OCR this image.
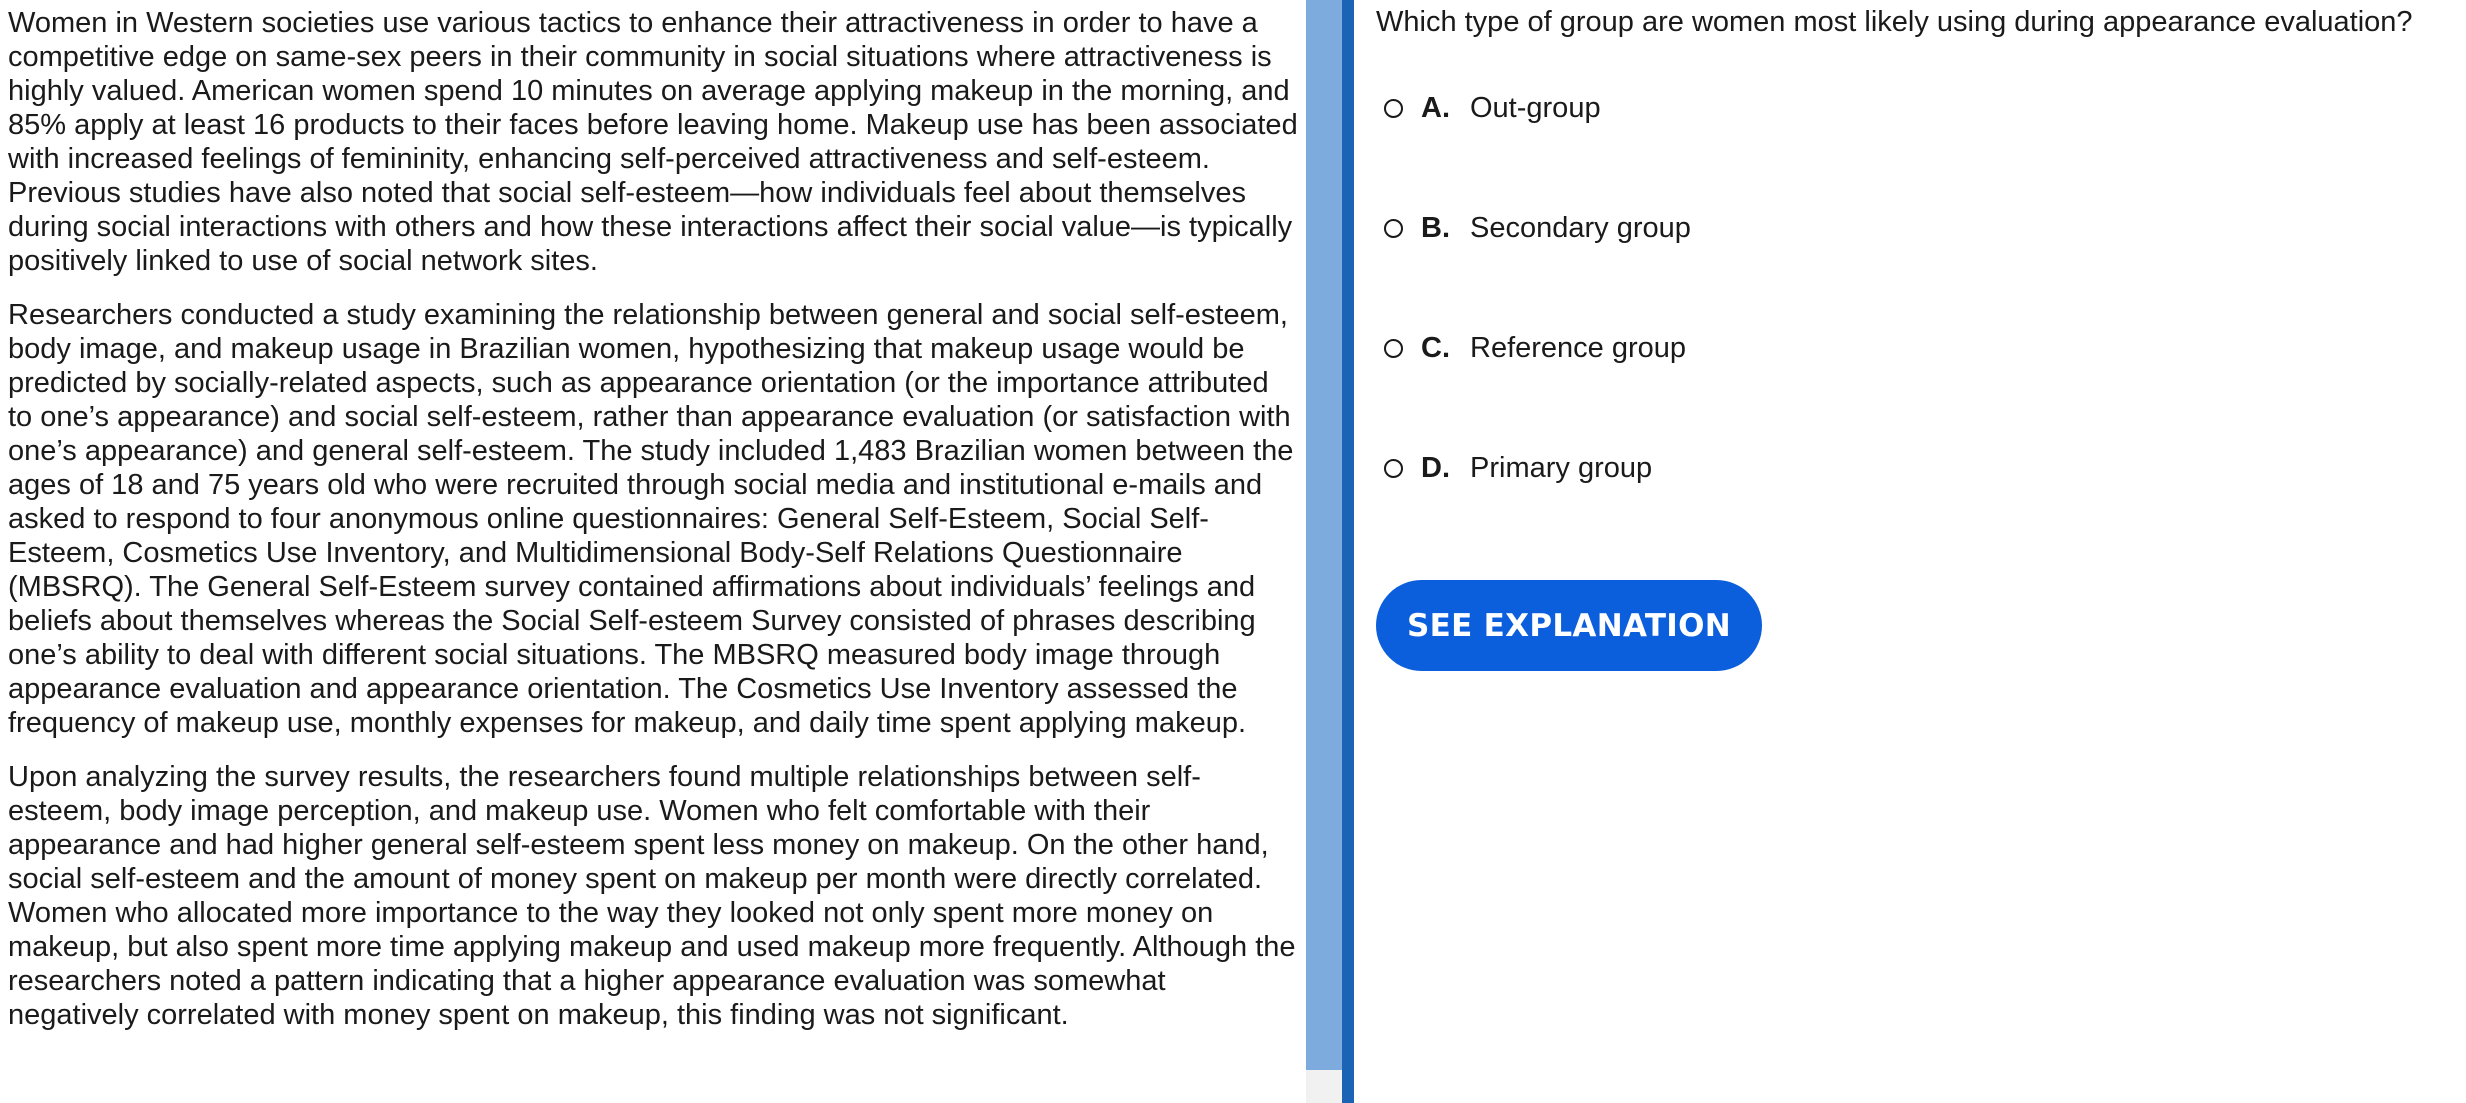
Women in Western societies use various tactics to enhance their attractiveness in order to have a competitive edge on same-sex peers in their community in social situations where attractiveness is highly valued. American women spend 10 minutes on average applying makeup in the morning, and 85% apply at least 16 products to their faces before leaving home. Makeup use has been associated with increased feelings of femininity, enhancing self-perceived attractiveness and self-esteem. Previous studies have also noted that social self-esteem—how individuals feel about themselves during social interactions with others and how these interactions affect their social value—is typically positively linked to use of social network sites.

Researchers conducted a study examining the relationship between general and social self-esteem, body image, and makeup usage in Brazilian women, hypothesizing that makeup usage would be predicted by socially-related aspects, such as appearance orientation (or the importance attributed to one’s appearance) and social self-esteem, rather than appearance evaluation (or satisfaction with one’s appearance) and general self-esteem. The study included 1,483 Brazilian women between the ages of 18 and 75 years old who were recruited through social media and institutional e-mails and asked to respond to four anonymous online questionnaires: General Self-Esteem, Social Self-Esteem, Cosmetics Use Inventory, and Multidimensional Body-Self Relations Questionnaire (MBSRQ). The General Self-Esteem survey contained affirmations about individuals’ feelings and beliefs about themselves whereas the Social Self-esteem Survey consisted of phrases describing one’s ability to deal with different social situations. The MBSRQ measured body image through appearance evaluation and appearance orientation. The Cosmetics Use Inventory assessed the frequency of makeup use, monthly expenses for makeup, and daily time spent applying makeup.

Upon analyzing the survey results, the researchers found multiple relationships between self-esteem, body image perception, and makeup use. Women who felt comfortable with their appearance and had higher general self-esteem spent less money on makeup. On the other hand, social self-esteem and the amount of money spent on makeup per month were directly correlated. Women who allocated more importance to the way they looked not only spent more money on makeup, but also spent more time applying makeup and used makeup more frequently. Although the researchers noted a pattern indicating that a higher appearance evaluation was somewhat negatively correlated with money spent on makeup, this finding was not significant.

Which type of group are women most likely using during appearance evaluation?
A. Out-group
B. Secondary group
C. Reference group
D. Primary group
SEE EXPLANATION
